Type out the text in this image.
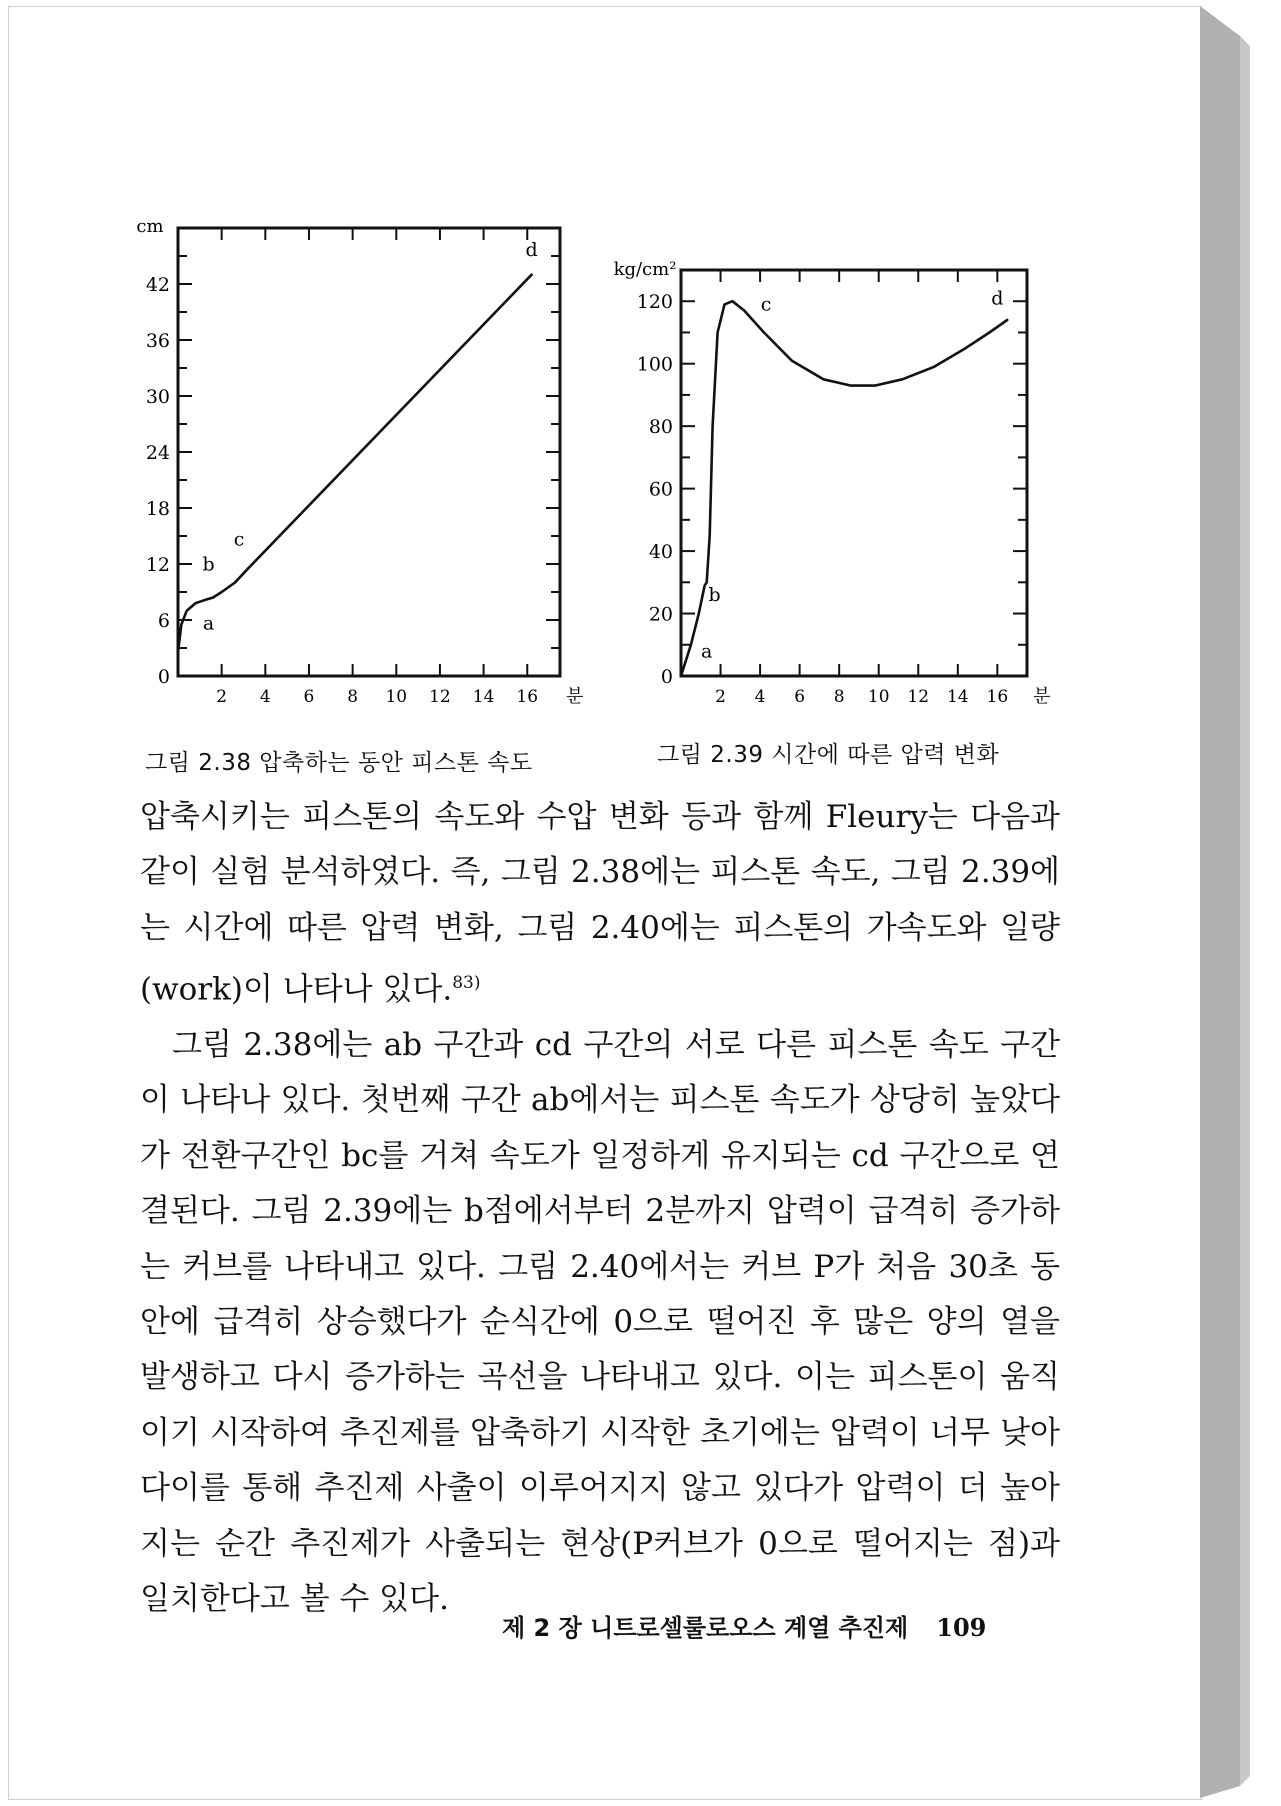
2 4 6 8 10 12 14 16
0
6
12
18
24
30
36
42
분
cm
a
b
c
d
2 4 6 8 10 12 14 16
0
20
40
60
80
100
120
분
kg/cm²
a
b
c	d
그림 2.38 압축하는 동안 피스톤 속도	그림 2.39 시간에 따른 압력 변화

압축시키는 피스톤의 속도와 수압 변화 등과 함께 Fleury는 다음과 같이 실험 분석하였다. 즉, 그림 2.38에는 피스톤 속도, 그림 2.39에는 시간에 따른 압력 변화, 그림 2.40에는 피스톤의 가속도와 일량(work)이 나타나 있다.$^{83)}$

그림 2.38에는 ab 구간과 cd 구간의 서로 다른 피스톤 속도 구간이 나타나 있다. 첫번째 구간 ab에서는 피스톤 속도가 상당히 높았다가 전환구간인 bc를 거쳐 속도가 일정하게 유지되는 cd 구간으로 연결된다. 그림 2.39에는 b점에서부터 2분까지 압력이 급격히 증가하는 커브를 나타내고 있다. 그림 2.40에서는 커브 P가 처음 30초 동안에 급격히 상승했다가 순식간에 0으로 떨어진 후 많은 양의 열을 발생하고 다시 증가하는 곡선을 나타내고 있다. 이는 피스톤이 움직이기 시작하여 추진제를 압축하기 시작한 초기에는 압력이 너무 낮아 다이를 통해 추진제 사출이 이루어지지 않고 있다가 압력이 더 높아지는 순간 추진제가 사출되는 현상(P커브가 0으로 떨어지는 점)과 일치한다고 볼 수 있다.

제 2 장 니트로셀룰로오스 계열 추진제 109
